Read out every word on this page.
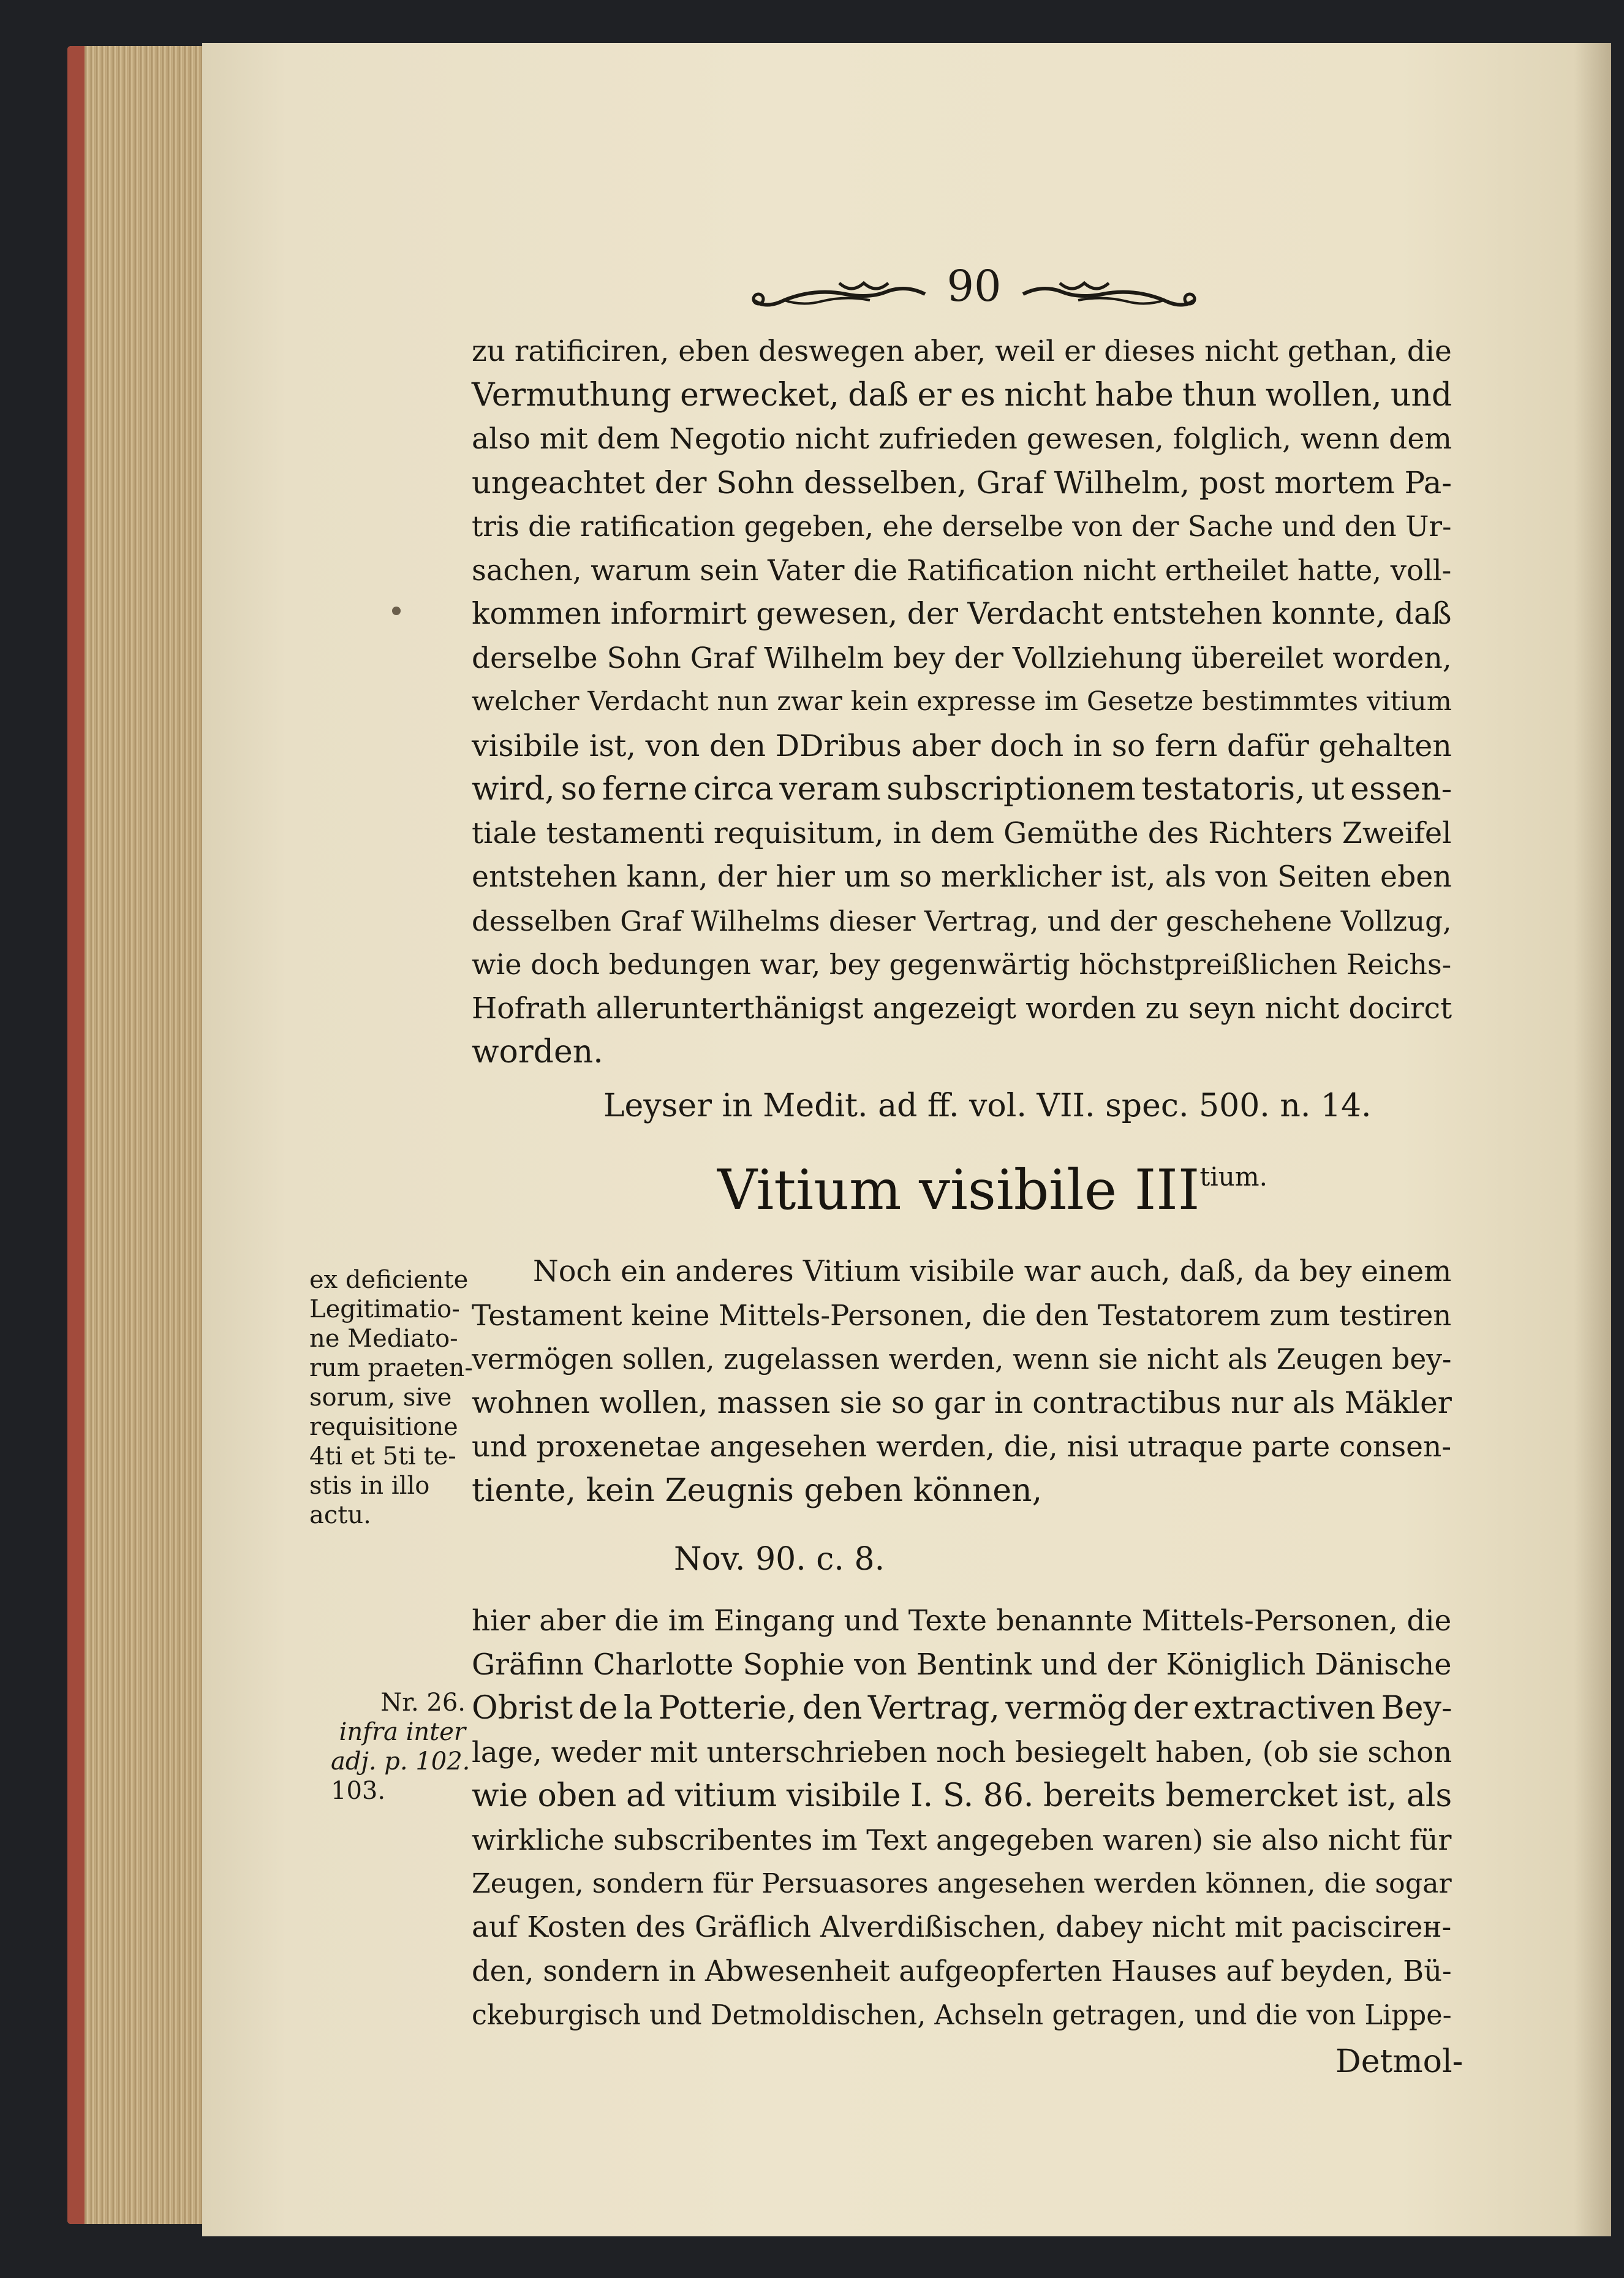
90
zu ratificiren, eben deswegen aber, weil er dieses nicht gethan, die
Vermuthung erwecket, daß er es nicht habe thun wollen, und
also mit dem Negotio nicht zufrieden gewesen, folglich, wenn dem
ungeachtet der Sohn desselben, Graf Wilhelm, post mortem Pa-
tris die ratification gegeben, ehe derselbe von der Sache und den Ur-
sachen, warum sein Vater die Ratification nicht ertheilet hatte, voll-
kommen informirt gewesen, der Verdacht entstehen konnte, daß
derselbe Sohn Graf Wilhelm bey der Vollziehung übereilet worden,
welcher Verdacht nun zwar kein expresse im Gesetze bestimmtes vitium
visibile ist, von den DDribus aber doch in so fern dafür gehalten
wird, so ferne circa veram subscriptionem testatoris, ut essen-
tiale testamenti requisitum, in dem Gemüthe des Richters Zweifel
entstehen kann, der hier um so merklicher ist, als von Seiten eben
desselben Graf Wilhelms dieser Vertrag, und der geschehene Vollzug,
wie doch bedungen war, bey gegenwärtig höchstpreißlichen Reichs-
Hofrath allerunterthänigst angezeigt worden zu seyn nicht docirct
worden.
Leyser in Medit. ad ff. vol. VII. spec. 500. n. 14.
Vitium visibile $III^{tium.}$
ex deficiente
Legitimatio-
ne Mediato-
rum praeten-
sorum, sive
requisitione
4ti et 5ti te-
stis in illo
actu.
Noch ein anderes Vitium visibile war auch, daß, da bey einem
Testament keine Mittels-Personen, die den Testatorem zum testiren
vermögen sollen, zugelassen werden, wenn sie nicht als Zeugen bey-
wohnen wollen, massen sie so gar in contractibus nur als Mäkler
und proxenetae angesehen werden, die, nisi utraque parte consen-
tiente, kein Zeugnis geben können,
Nov. 90. c. 8.
Nr. 26.
infra inter
adj. p. 102.
103.
hier aber die im Eingang und Texte benannte Mittels-Personen, die
Gräfinn Charlotte Sophie von Bentink und der Königlich Dänische
Obrist de la Potterie, den Vertrag, vermög der extractiven Bey-
lage, weder mit unterschrieben noch besiegelt haben, (ob sie schon
wie oben ad vitium visibile I. S. 86. bereits bemercket ist, als
wirkliche subscribentes im Text angegeben waren) sie also nicht für
Zeugen, sondern für Persuasores angesehen werden können, die sogar
auf Kosten des Gräflich Alverdißischen, dabey nicht mit paciscirен-
den, sondern in Abwesenheit aufgeopferten Hauses auf beyden, Bü-
ckeburgisch und Detmoldischen, Achseln getragen, und die von Lippe-
Detmol-
